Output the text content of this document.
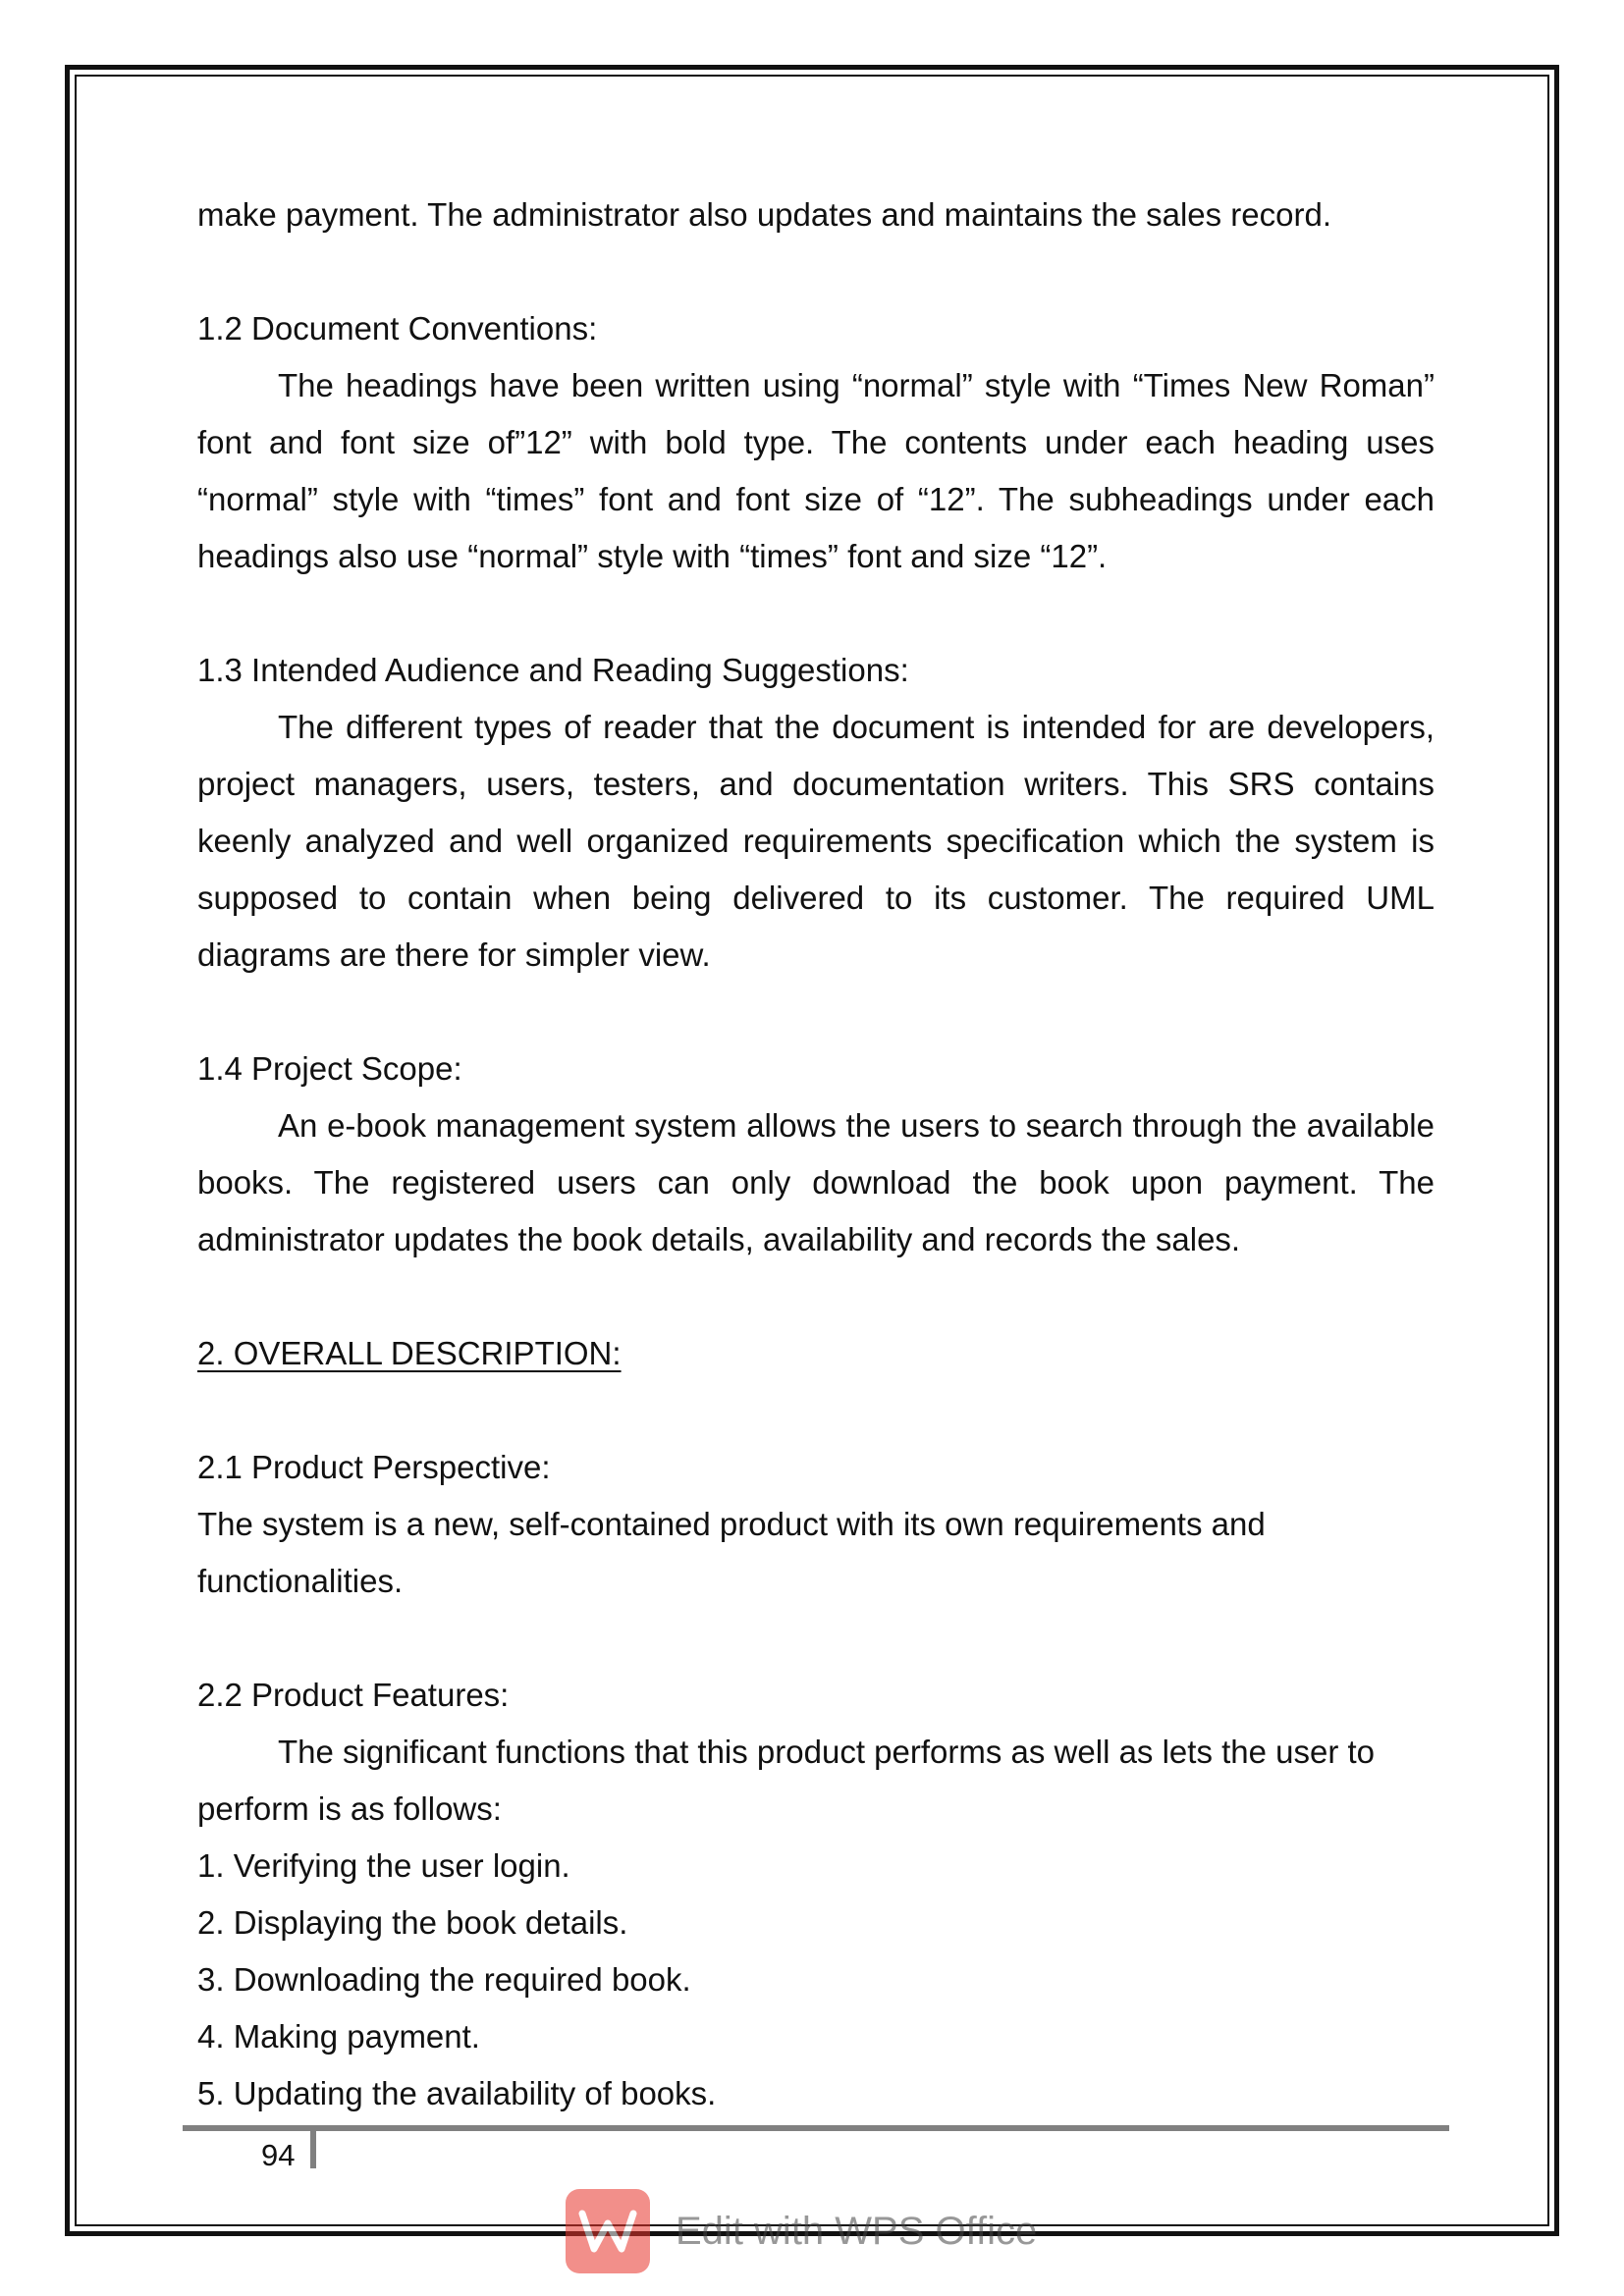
make payment. The administrator also updates and maintains the sales record.

1.2 Document Conventions:

The headings have been written using “normal” style with “Times New Roman” font and font size of”12” with bold type. The contents under each heading uses “normal” style with “times” font and font size of “12”. The subheadings under each headings also use “normal” style with “times” font and size “12”.

1.3 Intended Audience and Reading Suggestions:

The different types of reader that the document is intended for are developers, project managers, users, testers, and documentation writers. This SRS contains keenly analyzed and well organized requirements specification which the system is supposed to contain when being delivered to its customer. The required UML diagrams are there for simpler view.

1.4 Project Scope:

An e-book management system allows the users to search through the available books. The registered users can only download the book upon payment. The administrator updates the book details, availability and records the sales.

2. OVERALL DESCRIPTION:

2.1 Product Perspective:

The system is a new, self-contained product with its own requirements and functionalities.

2.2 Product Features:

The significant functions that this product performs as well as lets the user to perform is as follows:

1. Verifying the user login.

2. Displaying the book details.

3. Downloading the required book.

4. Making payment.

5. Updating the availability of books.

94
Edit with WPS Office
